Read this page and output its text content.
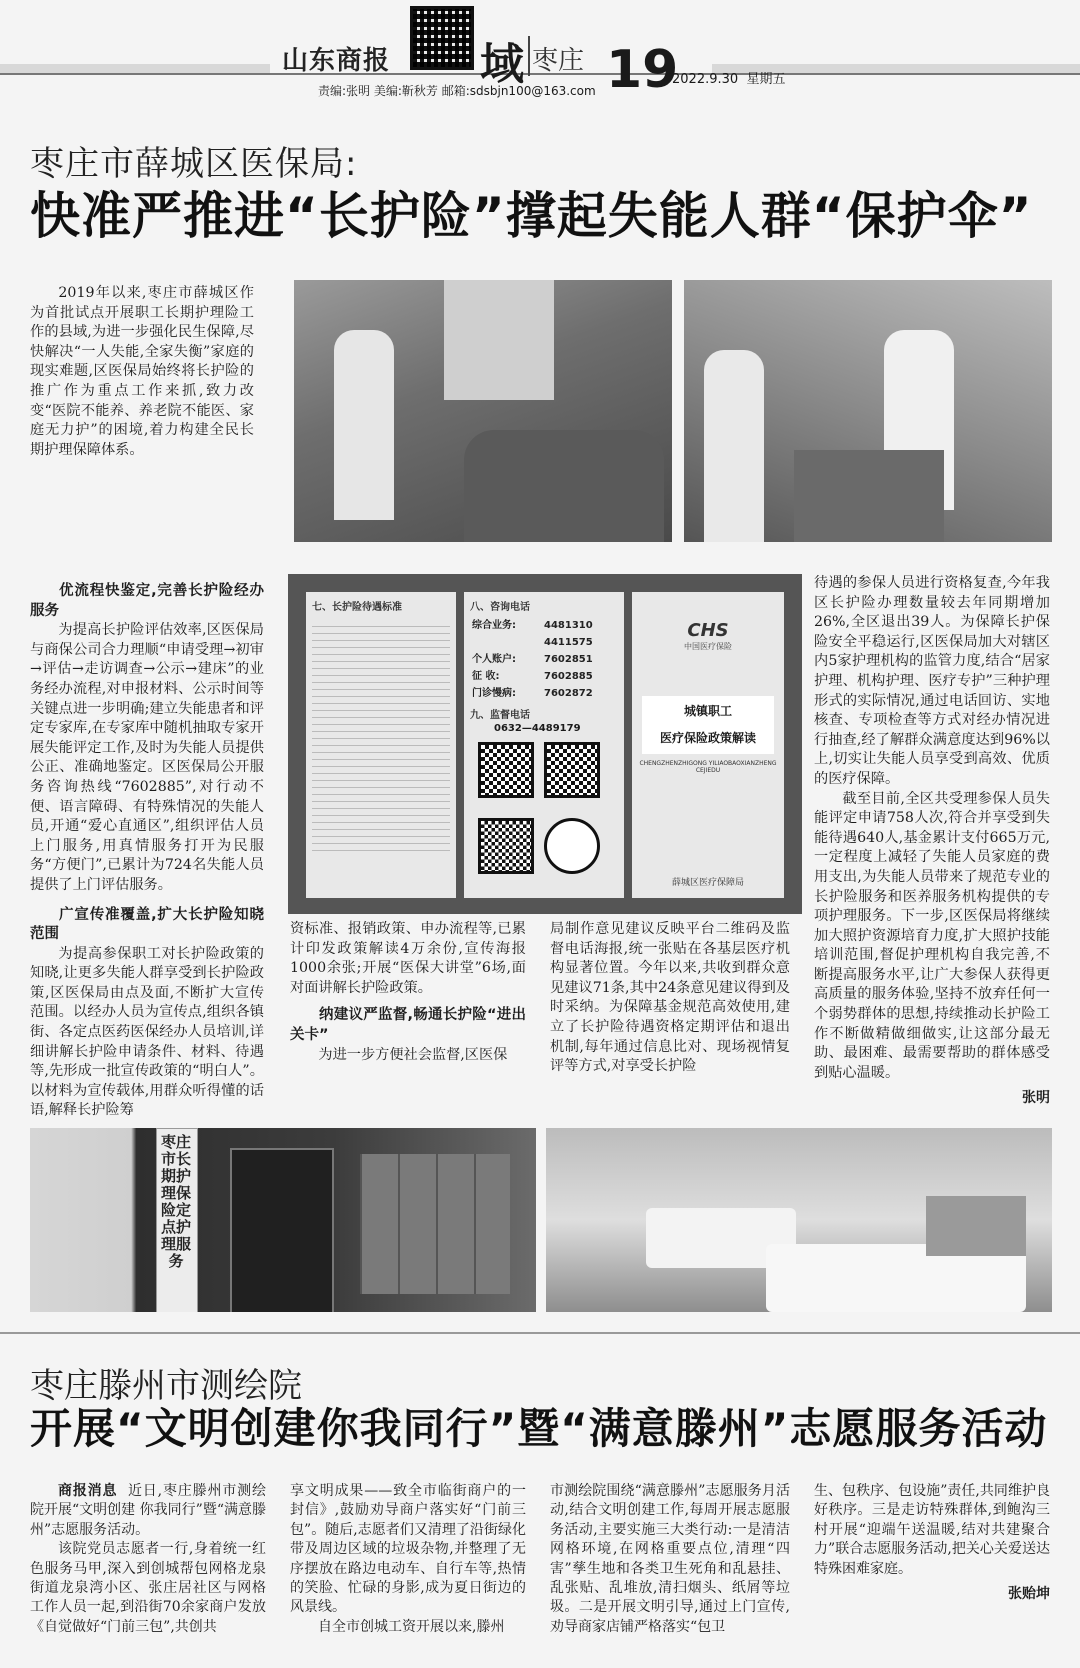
山东商报 域 枣庄 19
2022.9.30 星期五
责编:张明 美编:靳秋芳 邮箱:sdsbjn100@163.com
枣庄市薛城区医保局:
快准严推进“长护险”撑起失能人群“保护伞”

2019年以来,枣庄市薛城区作为首批试点开展职工长期护理险工作的县域,为进一步强化民生保障,尽快解决“一人失能,全家失衡”家庭的现实难题,区医保局始终将长护险的推广作为重点工作来抓,致力改变“医院不能养、养老院不能医、家庭无力护”的困境,着力构建全民长期护理保障体系。

优流程快鉴定,完善长护险经办服务

为提高长护险评估效率,区医保局与商保公司合力理顺“申请受理→初审→评估→走访调查→公示→建床”的业务经办流程,对申报材料、公示时间等关键点进一步明确;建立失能患者和评定专家库,在专家库中随机抽取专家开展失能评定工作,及时为失能人员提供公正、准确地鉴定。区医保局公开服务咨询热线“7602885”,对行动不便、语言障碍、有特殊情况的失能人员,开通“爱心直通区”,组织评估人员上门服务,用真情服务打开为民服务“方便门”,已累计为724名失能人员提供了上门评估服务。

广宣传准覆盖,扩大长护险知晓范围

为提高参保职工对长护险政策的知晓,让更多失能人群享受到长护险政策,区医保局由点及面,不断扩大宣传范围。以经办人员为宣传点,组织各镇街、各定点医药医保经办人员培训,详细讲解长护险申请条件、材料、待遇等,先形成一批宣传政策的“明白人”。以材料为宣传载体,用群众听得懂的话语,解释长护险筹

七、长护险待遇标准	八、咨询电话
综合业务:	4481310
4411575
个人账户:	7602851
征 收:	7602885
门诊慢病:	7602872
九、监督电话
0632—4489179
CHS
中国医疗保险
城镇职工
医疗保险政策解读
CHENGZHENZHIGONG YILIAOBAOXIANZHENGCEJIEDU
薛城区医疗保障局

资标准、报销政策、申办流程等,已累计印发政策解读4万余份,宣传海报1000余张;开展“医保大讲堂”6场,面对面讲解长护险政策。

纳建议严监督,畅通长护险“进出关卡”

为进一步方便社会监督,区医保

局制作意见建议反映平台二维码及监督电话海报,统一张贴在各基层医疗机构显著位置。今年以来,共收到群众意见建议71条,其中24条意见建议得到及时采纳。为保障基金规范高效使用,建立了长护险待遇资格定期评估和退出机制,每年通过信息比对、现场视情复评等方式,对享受长护险

待遇的参保人员进行资格复查,今年我区长护险办理数量较去年同期增加26%,全区退出39人。为保障长护保险安全平稳运行,区医保局加大对辖区内5家护理机构的监管力度,结合“居家护理、机构护理、医疗专护”三种护理形式的实际情况,通过电话回访、实地核查、专项检查等方式对经办情况进行抽查,经了解群众满意度达到96%以上,切实让失能人员享受到高效、优质的医疗保障。

截至目前,全区共受理参保人员失能评定申请758人次,符合并享受到失能待遇640人,基金累计支付665万元,一定程度上减轻了失能人员家庭的费用支出,为失能人员带来了规范专业的长护险服务和医养服务机构提供的专项护理服务。下一步,区医保局将继续加大照护资源培育力度,扩大照护技能培训范围,督促护理机构自我完善,不断提高服务水平,让广大参保人获得更高质量的服务体验,坚持不放弃任何一个弱势群体的思想,持续推动长护险工作不断做精做细做实,让这部分最无助、最困难、最需要帮助的群体感受到贴心温暖。

张明
枣庄市长期护理保险定点护理服务
枣庄滕州市测绘院
开展“文明创建你我同行”暨“满意滕州”志愿服务活动

商报消息 近日,枣庄滕州市测绘院开展“文明创建 你我同行”暨“满意滕州”志愿服务活动。

该院党员志愿者一行,身着统一红色服务马甲,深入到创城帮包网格龙泉街道龙泉湾小区、张庄居社区与网格工作人员一起,到沿街70余家商户发放《自觉做好“门前三包”,共创共

享文明成果——致全市临街商户的一封信》,鼓励劝导商户落实好“门前三包”。随后,志愿者们又清理了沿街绿化带及周边区域的垃圾杂物,并整理了无序摆放在路边电动车、自行车等,热情的笑脸、忙碌的身影,成为夏日街边的风景线。

自全市创城工资开展以来,滕州

市测绘院围绕“满意滕州”志愿服务月活动,结合文明创建工作,每周开展志愿服务活动,主要实施三大类行动:一是清洁网格环境,在网格重要点位,清理“四害”孳生地和各类卫生死角和乱悬挂、乱张贴、乱堆放,清扫烟头、纸屑等垃圾。二是开展文明引导,通过上门宣传,劝导商家店铺严格落实“包卫

生、包秩序、包设施”责任,共同维护良好秩序。三是走访特殊群体,到鲍沟三村开展“迎端午送温暖,结对共建聚合力”联合志愿服务活动,把关心关爱送达特殊困难家庭。

张贻坤
